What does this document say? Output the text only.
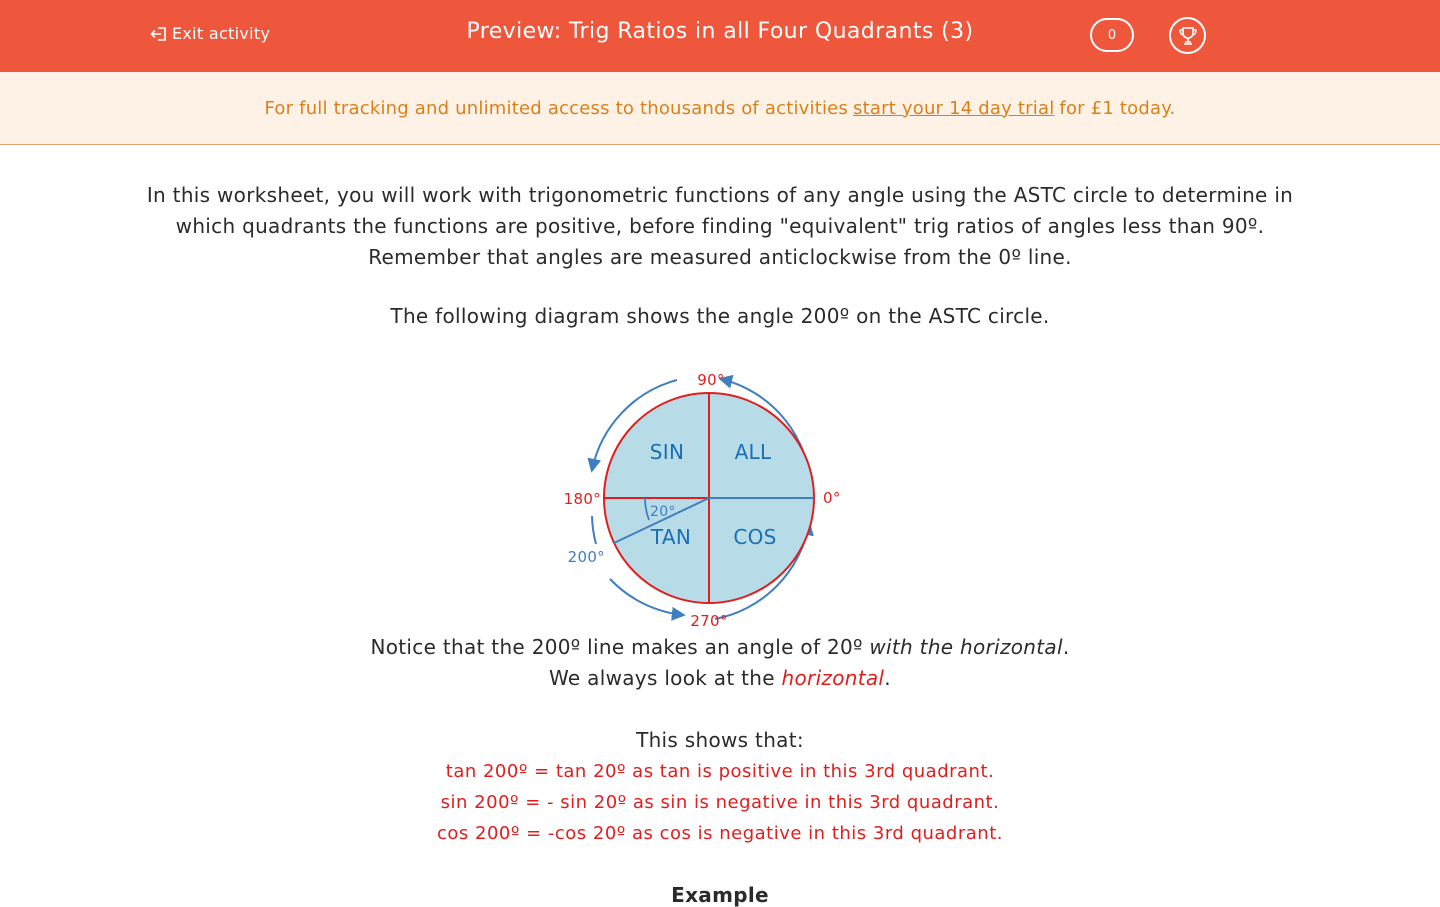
Exit activity	Preview: Trig Ratios in all Four Quadrants (3)	0
For full tracking and unlimited access to thousands of activities start your 14 day trial for £1 today.

In this worksheet, you will work with trigonometric functions of any angle using the ASTC circle to determine in

which quadrants the functions are positive, before finding "equivalent" trig ratios of angles less than 90º.

Remember that angles are measured anticlockwise from the 0º line.

The following diagram shows the angle 200º on the ASTC circle.

SIN	ALL
TAN COS
90°
0°
180°
270°
200°
20°

Notice that the 200º line makes an angle of 20º with the horizontal.

We always look at the horizontal.

This shows that:

tan 200º = tan 20º as tan is positive in this 3rd quadrant.

sin 200º = - sin 20º as sin is negative in this 3rd quadrant.

cos 200º = -cos 20º as cos is negative in this 3rd quadrant.

Example
